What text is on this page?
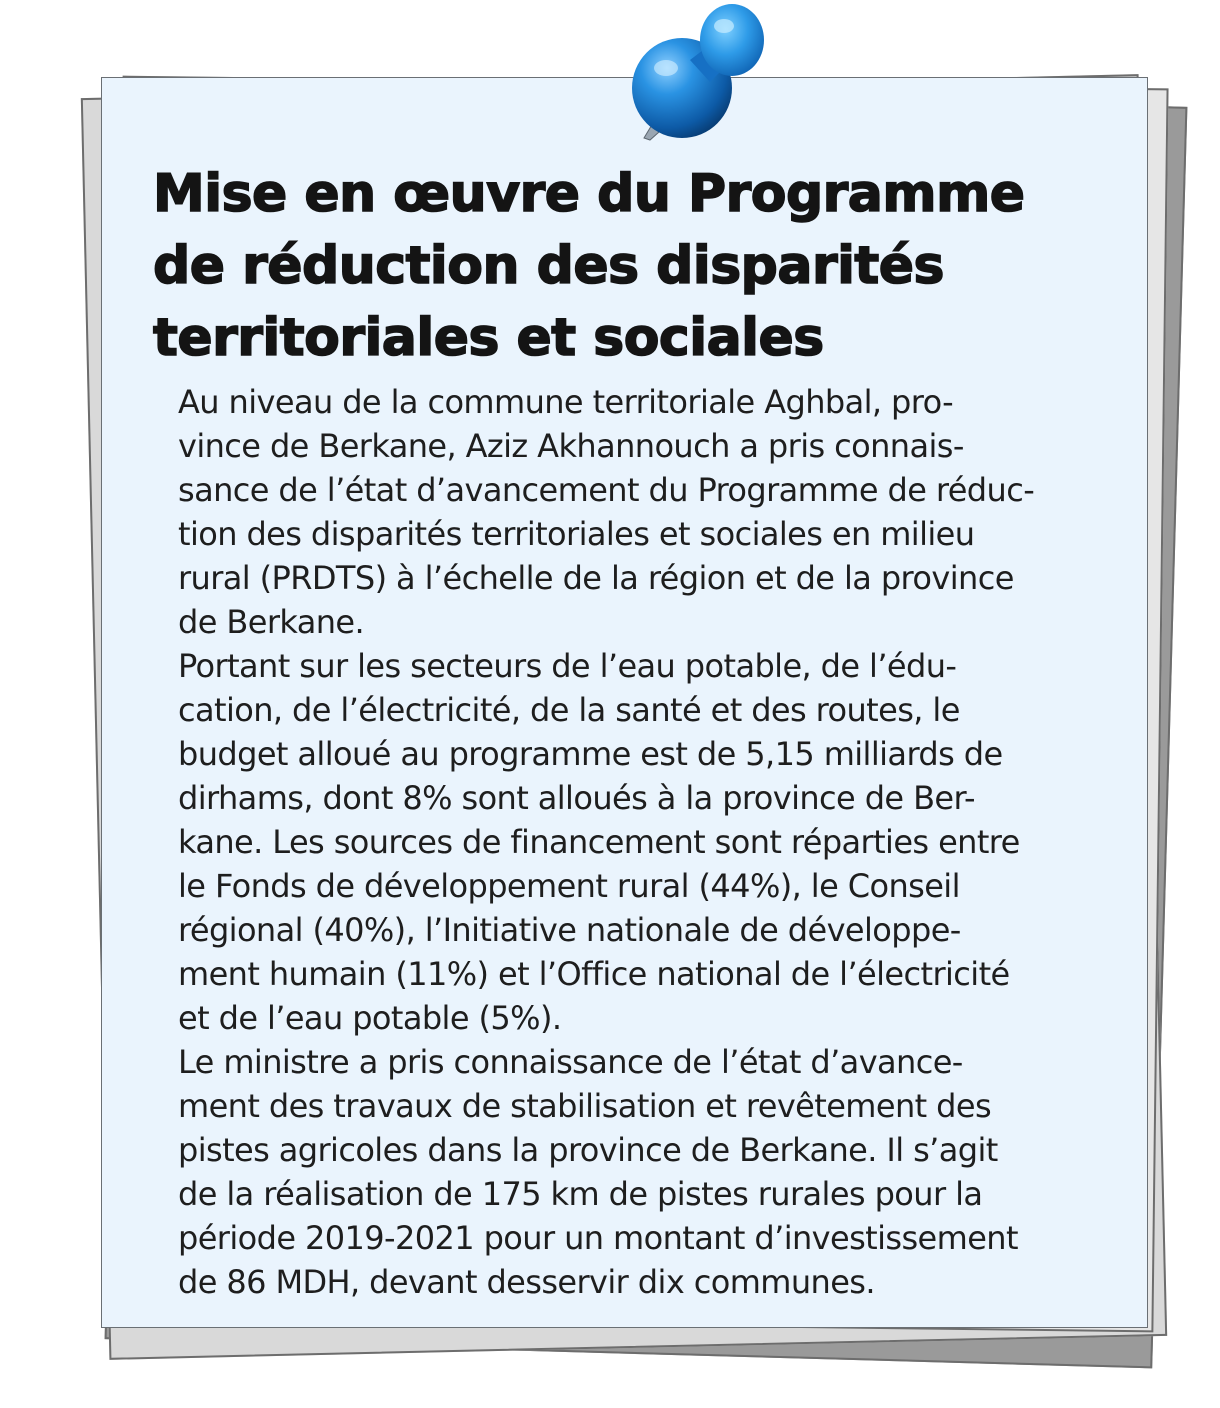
Mise en œuvre du Programme
de réduction des disparités
territoriales et sociales
Au niveau de la commune territoriale Aghbal, pro-
vince de Berkane, Aziz Akhannouch a pris connais-
sance de l’état d’avancement du Programme de réduc-
tion des disparités territoriales et sociales en milieu
rural (PRDTS) à l’échelle de la région et de la province
de Berkane.
Portant sur les secteurs de l’eau potable, de l’édu-
cation, de l’électricité, de la santé et des routes, le
budget alloué au programme est de 5,15 milliards de
dirhams, dont 8% sont alloués à la province de Ber-
kane. Les sources de financement sont réparties entre
le Fonds de développement rural (44%), le Conseil
régional (40%), l’Initiative nationale de développe-
ment humain (11%) et l’Office national de l’électricité
et de l’eau potable (5%).
Le ministre a pris connaissance de l’état d’avance-
ment des travaux de stabilisation et revêtement des
pistes agricoles dans la province de Berkane. Il s’agit
de la réalisation de 175 km de pistes rurales pour la
période 2019-2021 pour un montant d’investissement
de 86 MDH, devant desservir dix communes.
